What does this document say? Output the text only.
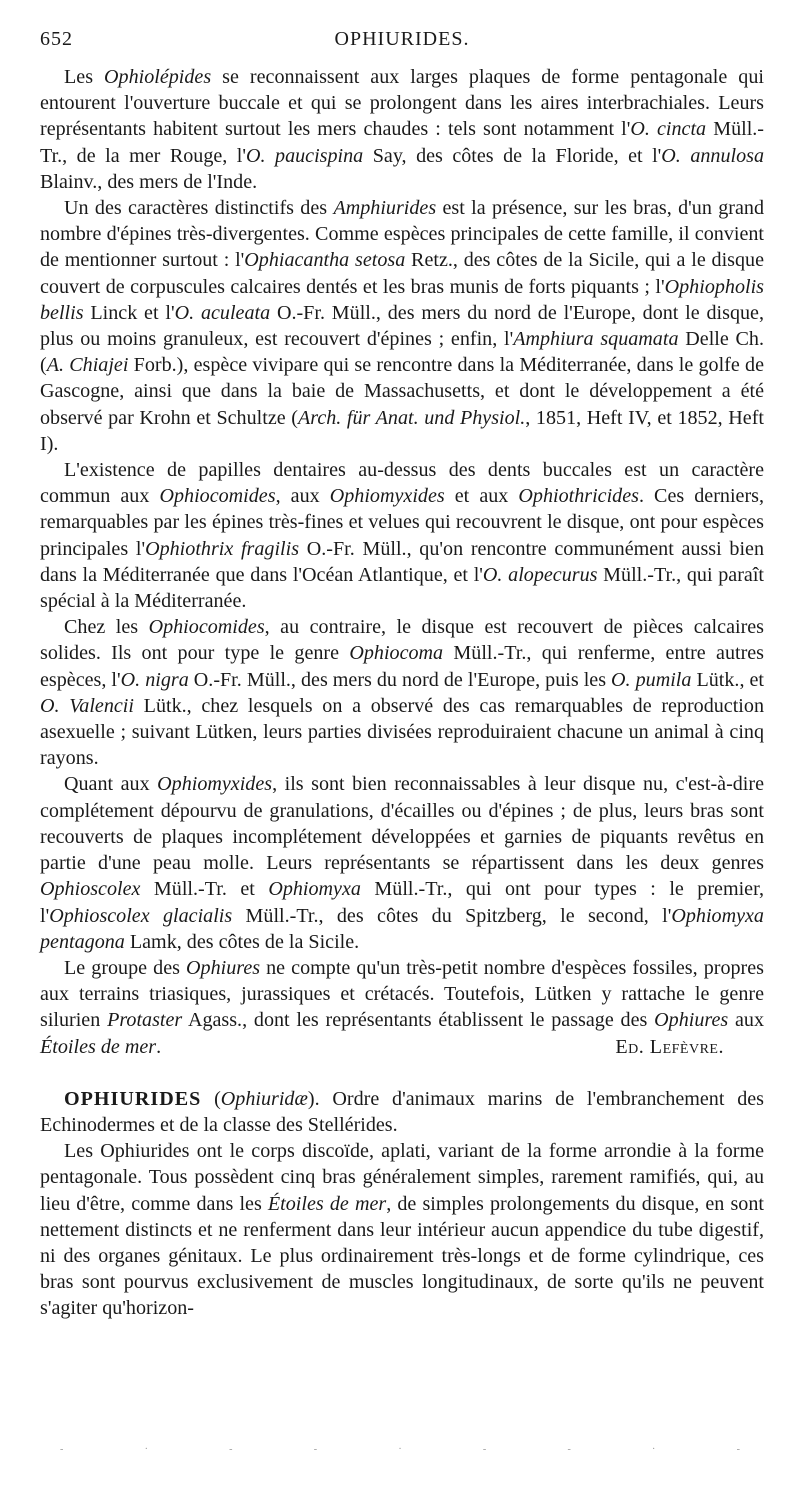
652	OPHIURIDES.

Les Ophiolépides se reconnaissent aux larges plaques de forme pentagonale qui entourent l'ouverture buccale et qui se prolongent dans les aires interbrachiales. Leurs représentants habitent surtout les mers chaudes : tels sont notamment l'O. cincta Müll.-Tr., de la mer Rouge, l'O. paucispina Say, des côtes de la Floride, et l'O. annulosa Blainv., des mers de l'Inde.

Un des caractères distinctifs des Amphiurides est la présence, sur les bras, d'un grand nombre d'épines très-divergentes. Comme espèces principales de cette famille, il convient de mentionner surtout : l'Ophiacantha setosa Retz., des côtes de la Sicile, qui a le disque couvert de corpuscules calcaires dentés et les bras munis de forts piquants ; l'Ophiopholis bellis Linck et l'O. aculeata O.-Fr. Müll., des mers du nord de l'Europe, dont le disque, plus ou moins granuleux, est recouvert d'épines ; enfin, l'Amphiura squamata Delle Ch. (A. Chiajei Forb.), espèce vivipare qui se rencontre dans la Méditerranée, dans le golfe de Gascogne, ainsi que dans la baie de Massachusetts, et dont le développement a été observé par Krohn et Schultze (Arch. für Anat. und Physiol., 1851, Heft IV, et 1852, Heft I).

L'existence de papilles dentaires au-dessus des dents buccales est un caractère commun aux Ophiocomides, aux Ophiomyxides et aux Ophiothricides. Ces derniers, remarquables par les épines très-fines et velues qui recouvrent le disque, ont pour espèces principales l'Ophiothrix fragilis O.-Fr. Müll., qu'on rencontre communément aussi bien dans la Méditerranée que dans l'Océan Atlantique, et l'O. alopecurus Müll.-Tr., qui paraît spécial à la Méditerranée.

Chez les Ophiocomides, au contraire, le disque est recouvert de pièces calcaires solides. Ils ont pour type le genre Ophiocoma Müll.-Tr., qui renferme, entre autres espèces, l'O. nigra O.-Fr. Müll., des mers du nord de l'Europe, puis les O. pumila Lütk., et O. Valencii Lütk., chez lesquels on a observé des cas remarquables de reproduction asexuelle ; suivant Lütken, leurs parties divisées reproduiraient chacune un animal à cinq rayons.

Quant aux Ophiomyxides, ils sont bien reconnaissables à leur disque nu, c'est-à-dire complétement dépourvu de granulations, d'écailles ou d'épines ; de plus, leurs bras sont recouverts de plaques incomplétement développées et garnies de piquants revêtus en partie d'une peau molle. Leurs représentants se répartissent dans les deux genres Ophioscolex Müll.-Tr. et Ophiomyxa Müll.-Tr., qui ont pour types : le premier, l'Ophioscolex glacialis Müll.-Tr., des côtes du Spitzberg, le second, l'Ophiomyxa pentagona Lamk, des côtes de la Sicile.

Le groupe des Ophiures ne compte qu'un très-petit nombre d'espèces fossiles, propres aux terrains triasiques, jurassiques et crétacés. Toutefois, Lütken y rattache le genre silurien Protaster Agass., dont les représentants établissent le passage des Ophiures aux Étoiles de mer.	Ed. Lefèvre.

OPHIURIDES (Ophiuridæ). Ordre d'animaux marins de l'embranchement des Echinodermes et de la classe des Stellérides.

Les Ophiurides ont le corps discoïde, aplati, variant de la forme arrondie à la forme pentagonale. Tous possèdent cinq bras généralement simples, rarement ramifiés, qui, au lieu d'être, comme dans les Étoiles de mer, de simples prolongements du disque, en sont nettement distincts et ne renferment dans leur intérieur aucun appendice du tube digestif, ni des organes génitaux. Le plus ordinairement très-longs et de forme cylindrique, ces bras sont pourvus exclusivement de muscles longitudinaux, de sorte qu'ils ne peuvent s'agiter qu'horizon-

-	·	-	-	·	-	-	·	-
